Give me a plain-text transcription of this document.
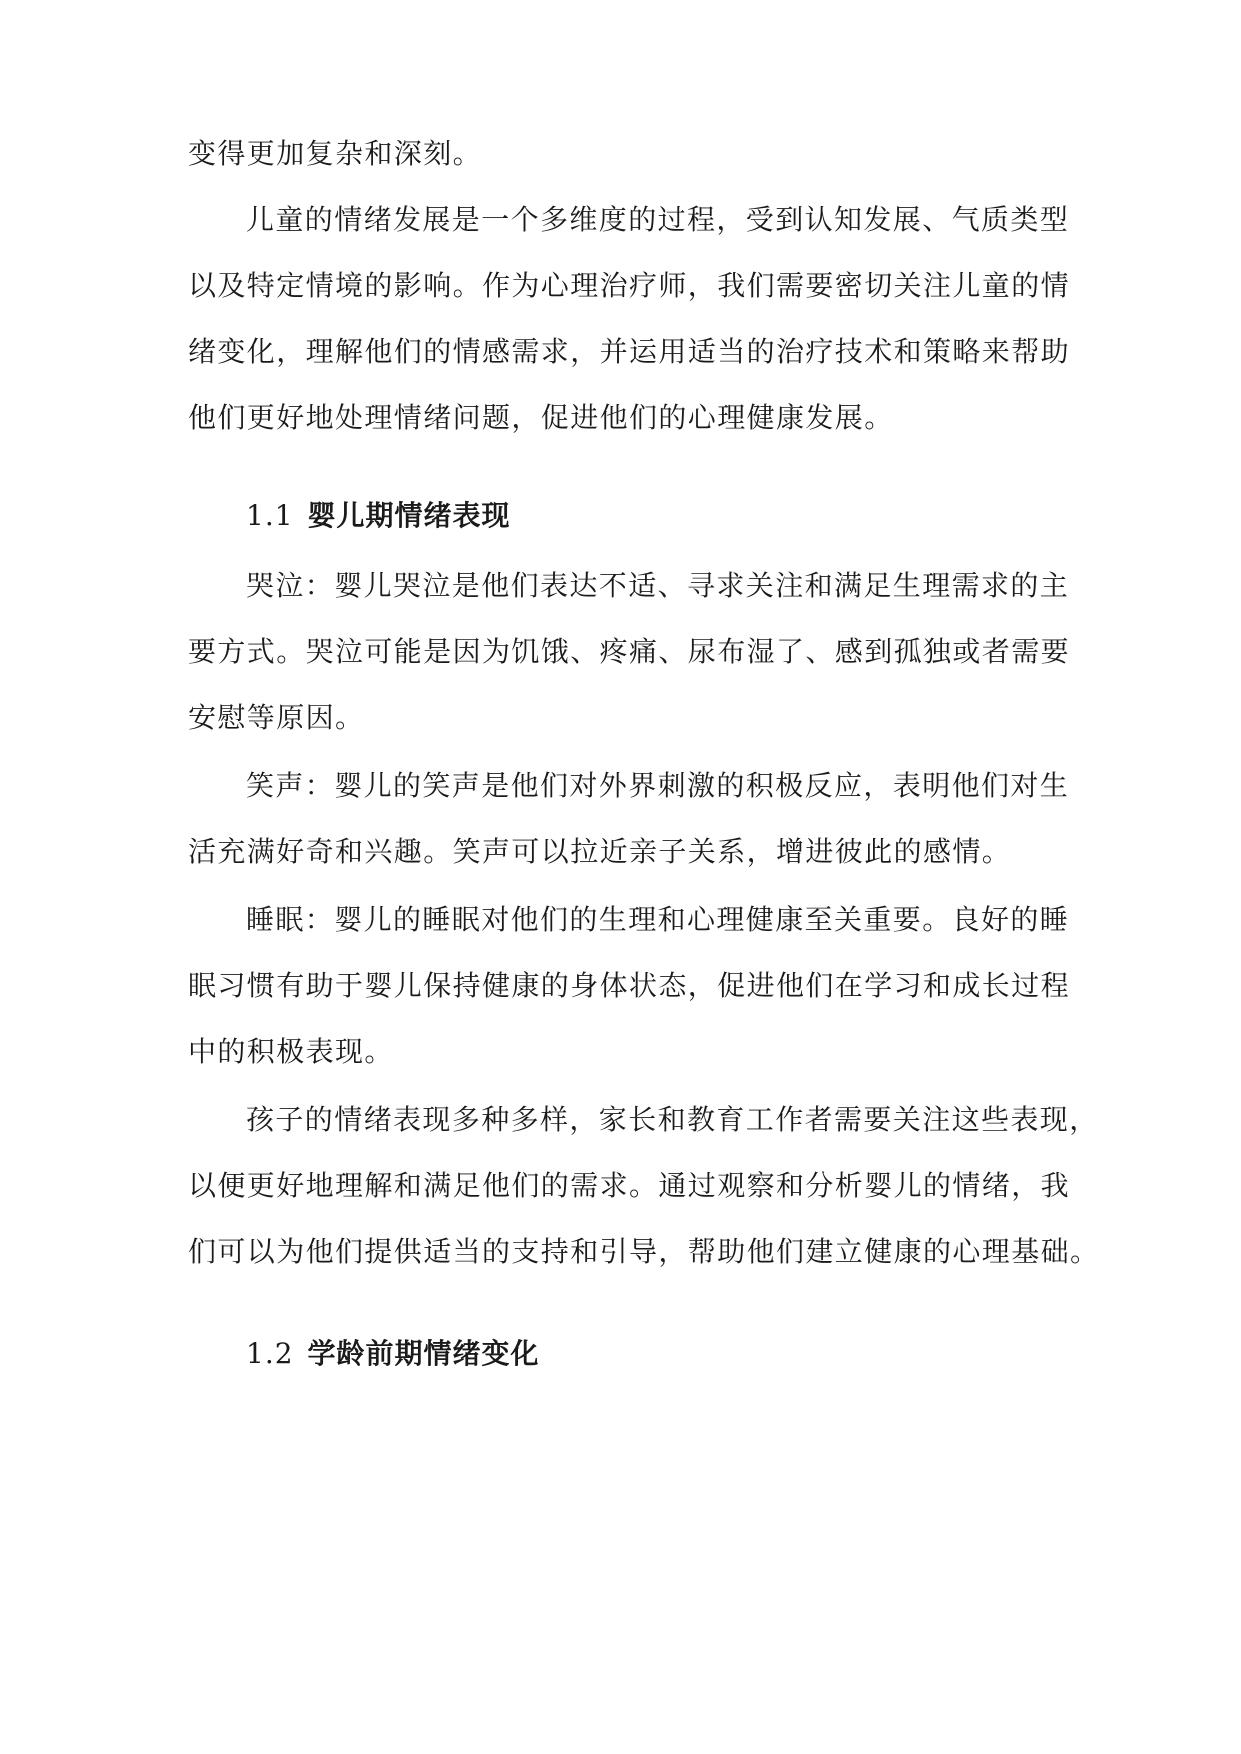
变得更加复杂和深刻。
儿童的情绪发展是一个多维度的过程，受到认知发展、气质类型
以及特定情境的影响。作为心理治疗师，我们需要密切关注儿童的情
绪变化，理解他们的情感需求，并运用适当的治疗技术和策略来帮助
他们更好地处理情绪问题，促进他们的心理健康发展。
1.1 婴儿期情绪表现
哭泣：婴儿哭泣是他们表达不适、寻求关注和满足生理需求的主
要方式。哭泣可能是因为饥饿、疼痛、尿布湿了、感到孤独或者需要
安慰等原因。
笑声：婴儿的笑声是他们对外界刺激的积极反应，表明他们对生
活充满好奇和兴趣。笑声可以拉近亲子关系，增进彼此的感情。
睡眠：婴儿的睡眠对他们的生理和心理健康至关重要。良好的睡
眠习惯有助于婴儿保持健康的身体状态，促进他们在学习和成长过程
中的积极表现。
孩子的情绪表现多种多样，家长和教育工作者需要关注这些表现，
以便更好地理解和满足他们的需求。通过观察和分析婴儿的情绪，我
们可以为他们提供适当的支持和引导，帮助他们建立健康的心理基础。
1.2 学龄前期情绪变化
